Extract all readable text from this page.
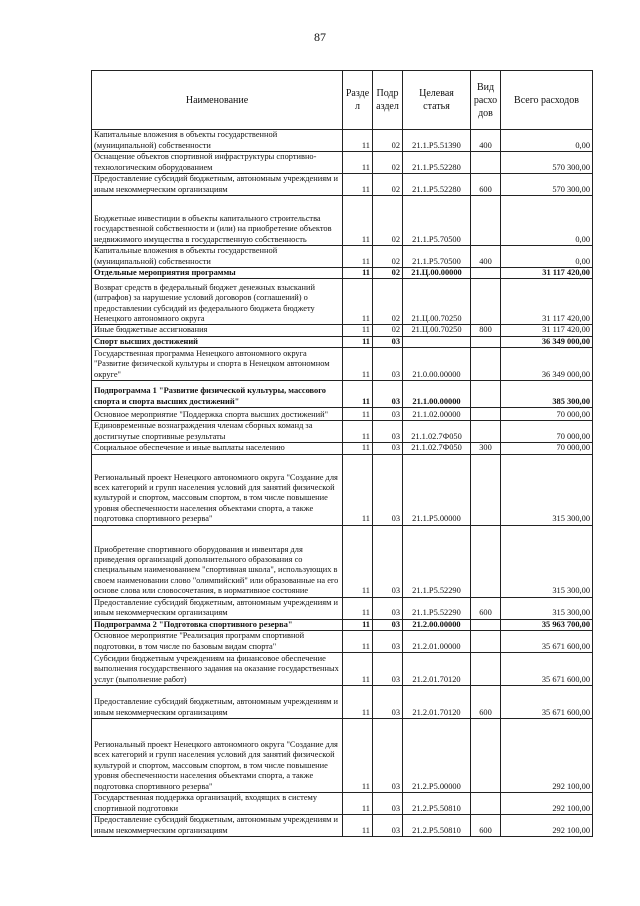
87
Наименование	Разде л	Подр аздел	Целевая статья	Вид расхо дов	Всего расходов
Капитальные вложения в объекты государственной (муниципальной) собственности	11	02	21.1.Р5.51390	400	0,00
Оснащение объектов спортивной инфраструктуры спортивно-технологическим оборудованием	11	02	21.1.Р5.52280		570 300,00
Предоставление субсидий бюджетным, автономным учреждениям и иным некоммерческим организациям	11	02	21.1.Р5.52280	600	570 300,00
Бюджетные инвестиции в объекты капитального строительства государственной собственности и (или) на приобретение объектов недвижимого имущества в государственную собственность	11	02	21.1.Р5.70500		0,00
Капитальные вложения в объекты государственной (муниципальной) собственности	11	02	21.1.Р5.70500	400	0,00
Отдельные мероприятия программы	11	02	21.Ц.00.00000		31 117 420,00
Возврат средств в федеральный бюджет денежных взысканий (штрафов) за нарушение условий договоров (соглашений) о предоставлении субсидий из федерального бюджета бюджету Ненецкого автономного округа	11	02	21.Ц.00.70250		31 117 420,00
Иные бюджетные ассигнования	11	02	21.Ц.00.70250	800	31 117 420,00
Спорт высших достижений	11	03			36 349 000,00
Государственная программа Ненецкого автономного округа "Развитие физической культуры и спорта в Ненецком автономном округе"	11	03	21.0.00.00000		36 349 000,00
Подпрограмма 1 "Развитие физической культуры, массового спорта и спорта высших достижений"	11	03	21.1.00.00000		385 300,00
Основное мероприятие "Поддержка спорта высших достижений"	11	03	21.1.02.00000		70 000,00
Единовременные вознаграждения членам сборных команд за достигнутые спортивные результаты	11	03	21.1.02.7Ф050		70 000,00
Социальное обеспечение и иные выплаты населению	11	03	21.1.02.7Ф050	300	70 000,00
Региональный проект Ненецкого автономного округа "Создание для всех категорий и групп населения условий для занятий физической культурой и спортом, массовым спортом, в том числе повышение уровня обеспеченности населения объектами спорта, а также подготовка спортивного резерва"	11	03	21.1.Р5.00000		315 300,00
Приобретение спортивного оборудования и инвентаря для приведения организаций дополнительного образования со специальным наименованием "спортивная школа", использующих в своем наименовании слово "олимпийский" или образованные на его основе слова или словосочетания, в нормативное состояние	11	03	21.1.Р5.52290		315 300,00
Предоставление субсидий бюджетным, автономным учреждениям и иным некоммерческим организациям	11	03	21.1.Р5.52290	600	315 300,00
Подпрограмма 2 "Подготовка спортивного резерва"	11	03	21.2.00.00000		35 963 700,00
Основное мероприятие "Реализация программ спортивной подготовки, в том числе по базовым видам спорта"	11	03	21.2.01.00000		35 671 600,00
Субсидии бюджетным учреждениям на финансовое обеспечение выполнения государственного задания на оказание государственных услуг (выполнение работ)	11	03	21.2.01.70120		35 671 600,00
Предоставление субсидий бюджетным, автономным учреждениям и иным некоммерческим организациям	11	03	21.2.01.70120	600	35 671 600,00
Региональный проект Ненецкого автономного округа "Создание для всех категорий и групп населения условий для занятий физической культурой и спортом, массовым спортом, в том числе повышение уровня обеспеченности населения объектами спорта, а также подготовка спортивного резерва"	11	03	21.2.Р5.00000		292 100,00
Государственная поддержка организаций, входящих в систему спортивной подготовки	11	03	21.2.Р5.50810		292 100,00
Предоставление субсидий бюджетным, автономным учреждениям и иным некоммерческим организациям	11	03	21.2.Р5.50810	600	292 100,00
